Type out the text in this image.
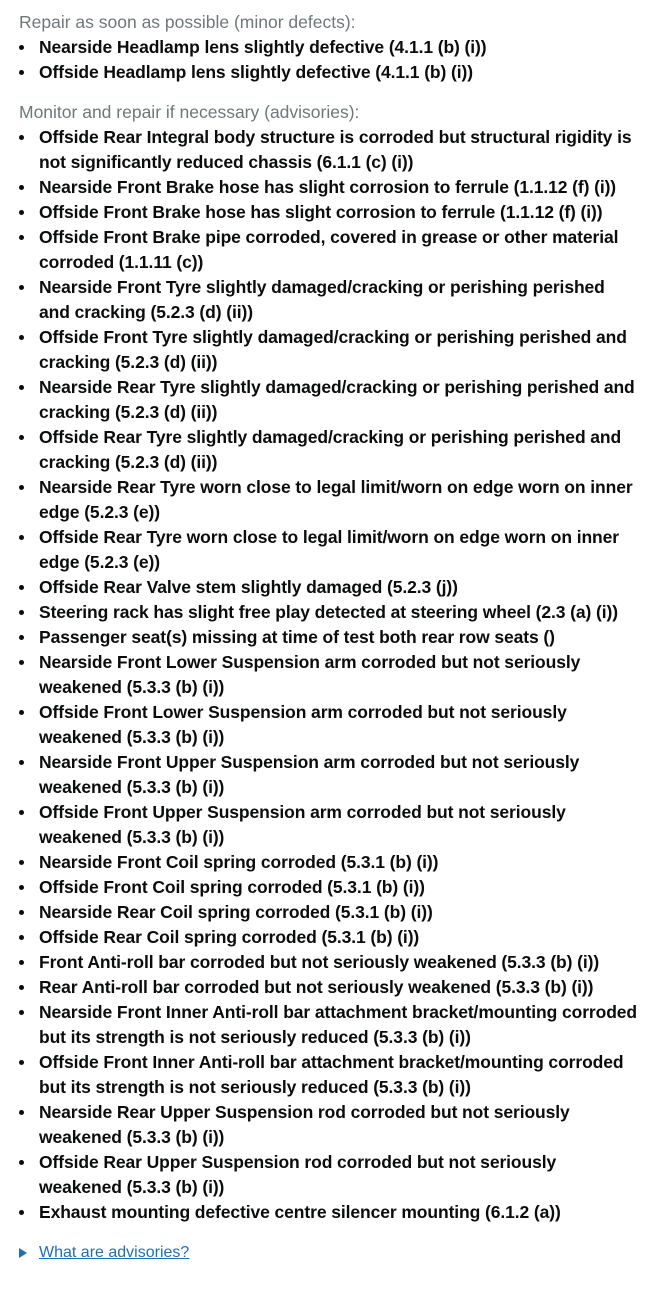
Repair as soon as possible (minor defects):
Nearside Headlamp lens slightly defective (4.1.1 (b) (i))
Offside Headlamp lens slightly defective (4.1.1 (b) (i))
Monitor and repair if necessary (advisories):
Offside Rear Integral body structure is corroded but structural rigidity is not significantly reduced chassis (6.1.1 (c) (i))
Nearside Front Brake hose has slight corrosion to ferrule (1.1.12 (f) (i))
Offside Front Brake hose has slight corrosion to ferrule (1.1.12 (f) (i))
Offside Front Brake pipe corroded, covered in grease or other material corroded (1.1.11 (c))
Nearside Front Tyre slightly damaged/cracking or perishing perished and cracking (5.2.3 (d) (ii))
Offside Front Tyre slightly damaged/cracking or perishing perished and cracking (5.2.3 (d) (ii))
Nearside Rear Tyre slightly damaged/cracking or perishing perished and cracking (5.2.3 (d) (ii))
Offside Rear Tyre slightly damaged/cracking or perishing perished and cracking (5.2.3 (d) (ii))
Nearside Rear Tyre worn close to legal limit/worn on edge worn on inner edge (5.2.3 (e))
Offside Rear Tyre worn close to legal limit/worn on edge worn on inner edge (5.2.3 (e))
Offside Rear Valve stem slightly damaged (5.2.3 (j))
Steering rack has slight free play detected at steering wheel (2.3 (a) (i))
Passenger seat(s) missing at time of test both rear row seats ()
Nearside Front Lower Suspension arm corroded but not seriously weakened (5.3.3 (b) (i))
Offside Front Lower Suspension arm corroded but not seriously weakened (5.3.3 (b) (i))
Nearside Front Upper Suspension arm corroded but not seriously weakened (5.3.3 (b) (i))
Offside Front Upper Suspension arm corroded but not seriously weakened (5.3.3 (b) (i))
Nearside Front Coil spring corroded (5.3.1 (b) (i))
Offside Front Coil spring corroded (5.3.1 (b) (i))
Nearside Rear Coil spring corroded (5.3.1 (b) (i))
Offside Rear Coil spring corroded (5.3.1 (b) (i))
Front Anti-roll bar corroded but not seriously weakened (5.3.3 (b) (i))
Rear Anti-roll bar corroded but not seriously weakened (5.3.3 (b) (i))
Nearside Front Inner Anti-roll bar attachment bracket/mounting corroded but its strength is not seriously reduced (5.3.3 (b) (i))
Offside Front Inner Anti-roll bar attachment bracket/mounting corroded but its strength is not seriously reduced (5.3.3 (b) (i))
Nearside Rear Upper Suspension rod corroded but not seriously weakened (5.3.3 (b) (i))
Offside Rear Upper Suspension rod corroded but not seriously weakened (5.3.3 (b) (i))
Exhaust mounting defective centre silencer mounting (6.1.2 (a))
What are advisories?
